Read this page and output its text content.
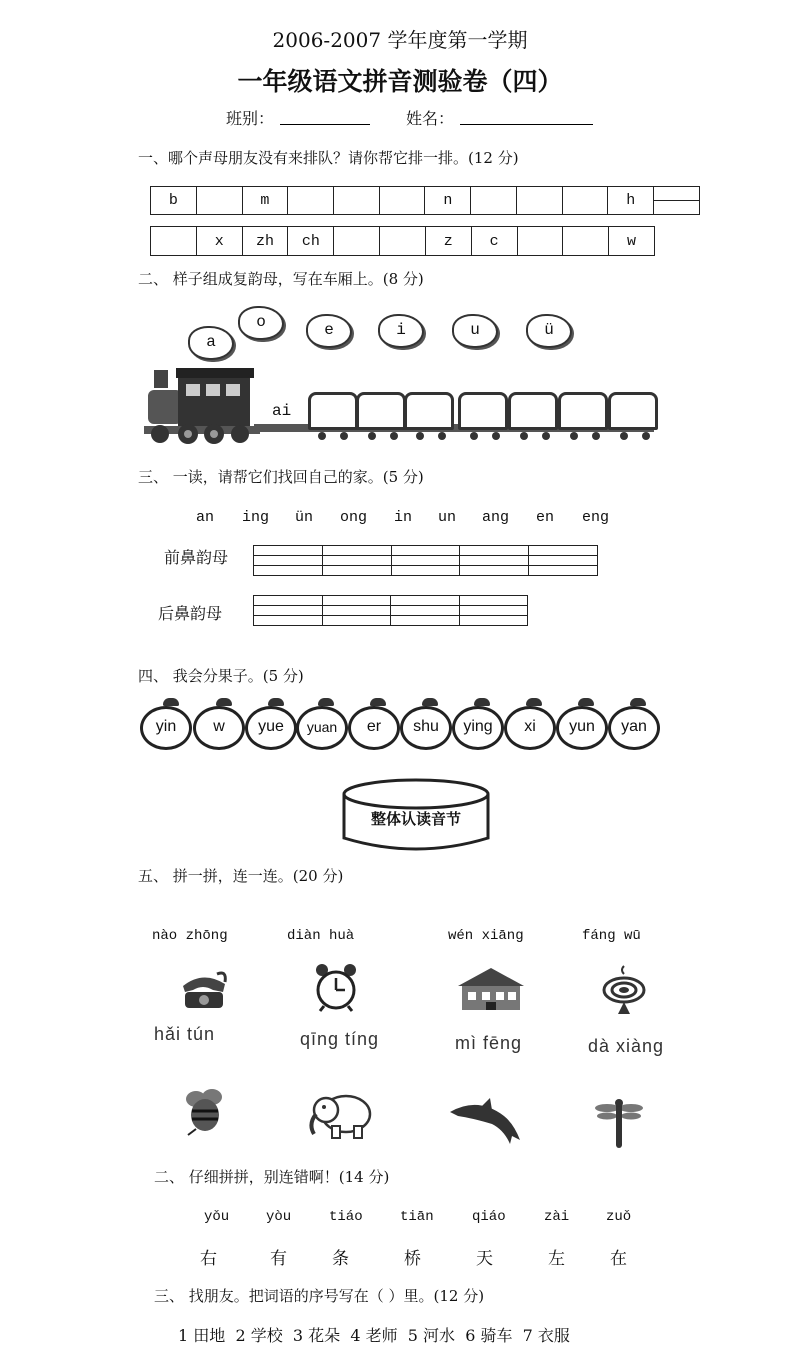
2006-2007 学年度第一学期
一年级语文拼音测验卷（四）
班别：	姓名：
一、哪个声母朋友没有来排队？请你帮它排一排。(12 分)
b		m				n				h	

	x	zh	ch			z	c			w
二、 样子组成复韵母，写在车厢上。(8 分)
a
o	e	i	u	ü
ai
三、 一读，请帮它们找回自己的家。(5 分)
an ing ün ong in un ang en eng
前鼻韵母

后鼻韵母

四、 我会分果子。(5 分)
yin	w	yue	yuan	er	shu	ying	xi	yun	yan
整体认读音节
五、 拼一拼，连一连。(20 分)
nào zhōng	diàn huà	wén xiāng	fáng wū
hǎi tún	qīng tíng	mì fēng	dà xiàng
二、 仔细拼拼，别连错啊！(14 分)
yǒu	yòu	tiáo	tiān	qiáo	zài	zuǒ
右	有	条	桥	天	左	在
三、 找朋友。把词语的序号写在（ ）里。(12 分)
1 田地  2 学校  3 花朵  4 老师  5 河水  6 骑车  7 衣服
